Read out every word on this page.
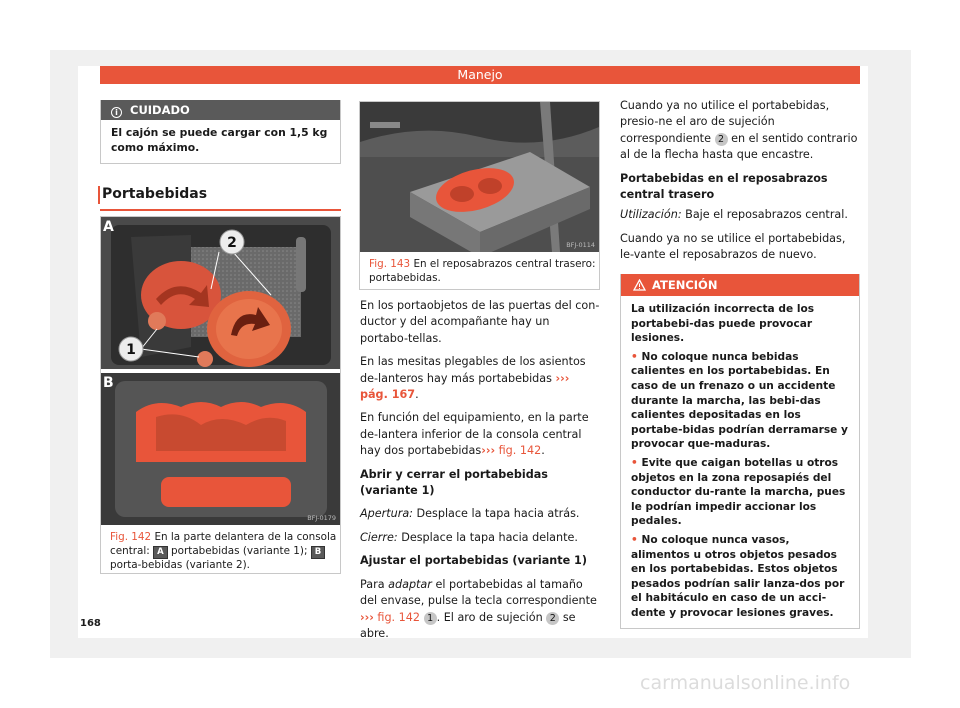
Manejo
i CUIDADO
El cajón se puede cargar con 1,5 kg como máximo.
Portabebidas
2
1
A
B
BFJ-0179
Fig. 142 En la parte delantera de la consola central: A portabebidas (variante 1); B porta-bebidas (variante 2).
BFJ-0114
Fig. 143 En el reposabrazos central trasero: portabebidas.

En los portaobjetos de las puertas del con-ductor y del acompañante hay un portabo-tellas.

En las mesitas plegables de los asientos de-lanteros hay más portabebidas ››› pág. 167.

En función del equipamiento, en la parte de-lantera inferior de la consola central hay dos portabebidas››› fig. 142.

Abrir y cerrar el portabebidas (variante 1)

Apertura: Desplace la tapa hacia atrás.

Cierre: Desplace la tapa hacia delante.

Ajustar el portabebidas (variante 1)

Para adaptar el portabebidas al tamaño del envase, pulse la tecla correspondiente ››› fig. 142 1 . El aro de sujeción 2 se abre.

Cuando ya no utilice el portabebidas, presio-ne el aro de sujeción correspondiente 2 en el sentido contrario al de la flecha hasta que encastre.

Portabebidas en el reposabrazos central trasero

Utilización: Baje el reposabrazos central.

Cuando ya no se utilice el portabebidas, le-vante el reposabrazos de nuevo.

ATENCIÓN
La utilización incorrecta de los portabebi-das puede provocar lesiones.
• No coloque nunca bebidas calientes en los portabebidas. En caso de un frenazo o un accidente durante la marcha, las bebi-das calientes depositadas en los portabe-bidas podrían derramarse y provocar que-maduras.
• Evite que caigan botellas u otros objetos en la zona reposapiés del conductor du-rante la marcha, pues le podrían impedir accionar los pedales.
• No coloque nunca vasos, alimentos u otros objetos pesados en los portabebidas. Estos objetos pesados podrían salir lanza-dos por el habitáculo en caso de un acci-dente y provocar lesiones graves.
168
carmanualsonline.info
